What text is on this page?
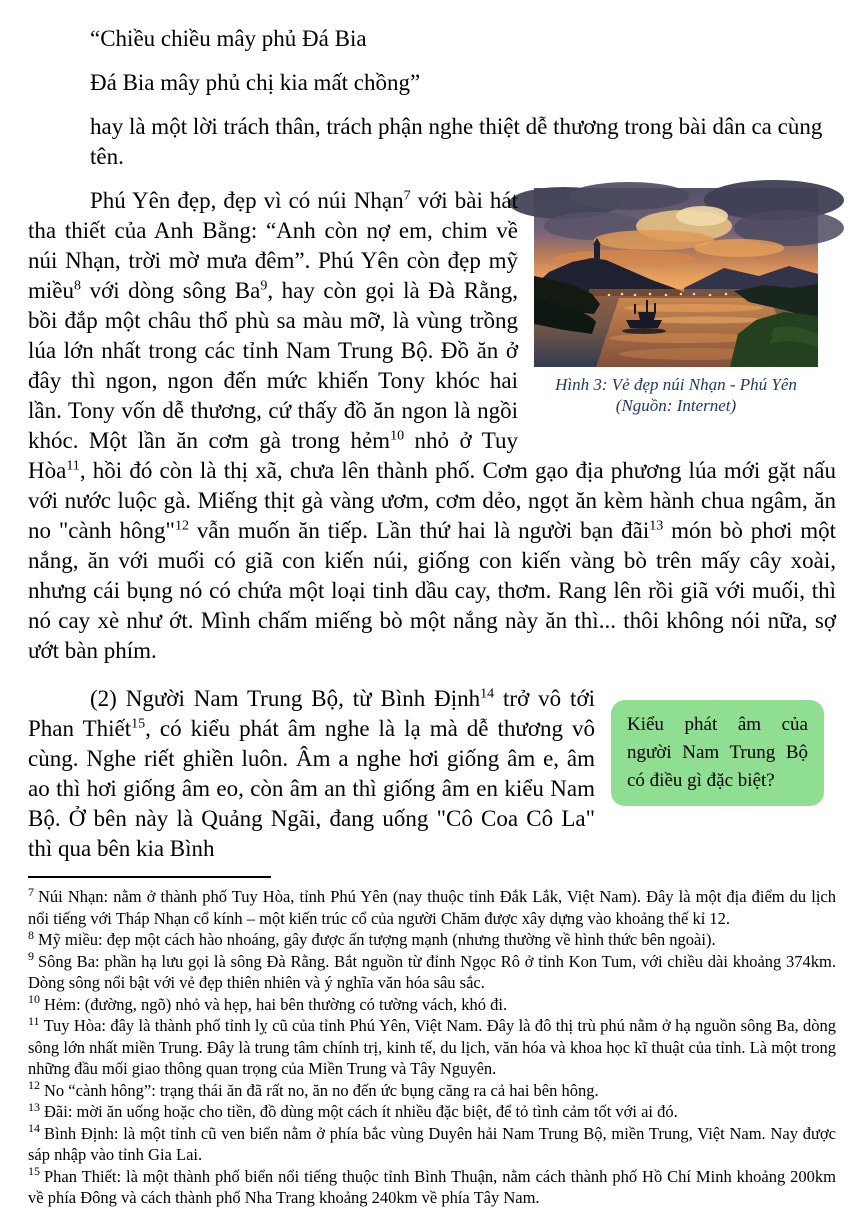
“Chiều chiều mây phủ Đá Bia

Đá Bia mây phủ chị kia mất chồng”

hay là một lời trách thân, trách phận nghe thiệt dễ thương trong bài dân ca cùng tên.

Hình 3: Vẻ đẹp núi Nhạn - Phú Yên
(Nguồn: Internet)
Phú Yên đẹp, đẹp vì có núi Nhạn$^7$ với bài hát tha thiết của Anh Bằng: “Anh còn nợ em, chim về núi Nhạn, trời mờ mưa đêm”. Phú Yên còn đẹp mỹ miều$^8$ với dòng sông Ba$^9$, hay còn gọi là Đà Rằng, bồi đắp một châu thổ phù sa màu mỡ, là vùng trồng lúa lớn nhất trong các tỉnh Nam Trung Bộ. Đồ ăn ở đây thì ngon, ngon đến mức khiến Tony khóc hai lần. Tony vốn dễ thương, cứ thấy đồ ăn ngon là ngồi khóc. Một lần ăn cơm gà trong hẻm$^{10}$ nhỏ ở Tuy Hòa$^{11}$, hồi đó còn là thị xã, chưa lên thành phố. Cơm gạo địa phương lúa mới gặt nấu với nước luộc gà. Miếng thịt gà vàng ươm, cơm dẻo, ngọt ăn kèm hành chua ngâm, ăn no "cành hông"$^{12}$ vẫn muốn ăn tiếp. Lần thứ hai là người bạn đãi$^{13}$ món bò phơi một nắng, ăn với muối có giã con kiến núi, giống con kiến vàng bò trên mấy cây xoài, nhưng cái bụng nó có chứa một loại tinh dầu cay, thơm. Rang lên rồi giã với muối, thì nó cay xè như ớt. Mình chấm miếng bò một nắng này ăn thì... thôi không nói nữa, sợ ướt bàn phím.
Kiểu phát âm của người Nam Trung Bộ có điều gì đặc biệt?
(2) Người Nam Trung Bộ, từ Bình Định$^{14}$ trở vô tới Phan Thiết$^{15}$, có kiểu phát âm nghe là lạ mà dễ thương vô cùng. Nghe riết ghiền luôn. Âm a nghe hơi giống âm e, âm ao thì hơi giống âm eo, còn âm an thì giống âm en kiểu Nam Bộ. Ở bên này là Quảng Ngãi, đang uống "Cô Coa Cô La" thì qua bên kia Bình
$^7$ Núi Nhạn: nằm ở thành phố Tuy Hòa, tỉnh Phú Yên (nay thuộc tỉnh Đắk Lắk, Việt Nam). Đây là một địa điểm du lịch nổi tiếng với Tháp Nhạn cổ kính – một kiến trúc cổ của người Chăm được xây dựng vào khoảng thế kỉ 12.
$^8$ Mỹ miều: đẹp một cách hào nhoáng, gây được ấn tượng mạnh (nhưng thường về hình thức bên ngoài).
$^9$ Sông Ba: phần hạ lưu gọi là sông Đà Rằng. Bắt nguồn từ đỉnh Ngọc Rô ở tỉnh Kon Tum, với chiều dài khoảng 374km. Dòng sông nổi bật với vẻ đẹp thiên nhiên và ý nghĩa văn hóa sâu sắc.
$^{10}$ Hẻm: (đường, ngõ) nhỏ và hẹp, hai bên thường có tường vách, khó đi.
$^{11}$ Tuy Hòa: đây là thành phố tỉnh lỵ cũ của tỉnh Phú Yên, Việt Nam. Đây là đô thị trù phú nằm ở hạ nguồn sông Ba, dòng sông lớn nhất miền Trung. Đây là trung tâm chính trị, kinh tế, du lịch, văn hóa và khoa học kĩ thuật của tỉnh. Là một trong những đầu mối giao thông quan trọng của Miền Trung và Tây Nguyên.
$^{12}$ No “cành hông”: trạng thái ăn đã rất no, ăn no đến ức bụng căng ra cả hai bên hông.
$^{13}$ Đãi: mời ăn uống hoặc cho tiền, đồ dùng một cách ít nhiều đặc biệt, để tỏ tình cảm tốt với ai đó.
$^{14}$ Bình Định: là một tỉnh cũ ven biển nằm ở phía bắc vùng Duyên hải Nam Trung Bộ, miền Trung, Việt Nam. Nay được sáp nhập vào tỉnh Gia Lai.
$^{15}$ Phan Thiết: là một thành phố biển nổi tiếng thuộc tỉnh Bình Thuận, nằm cách thành phố Hồ Chí Minh khoảng 200km về phía Đông và cách thành phố Nha Trang khoảng 240km về phía Tây Nam.
